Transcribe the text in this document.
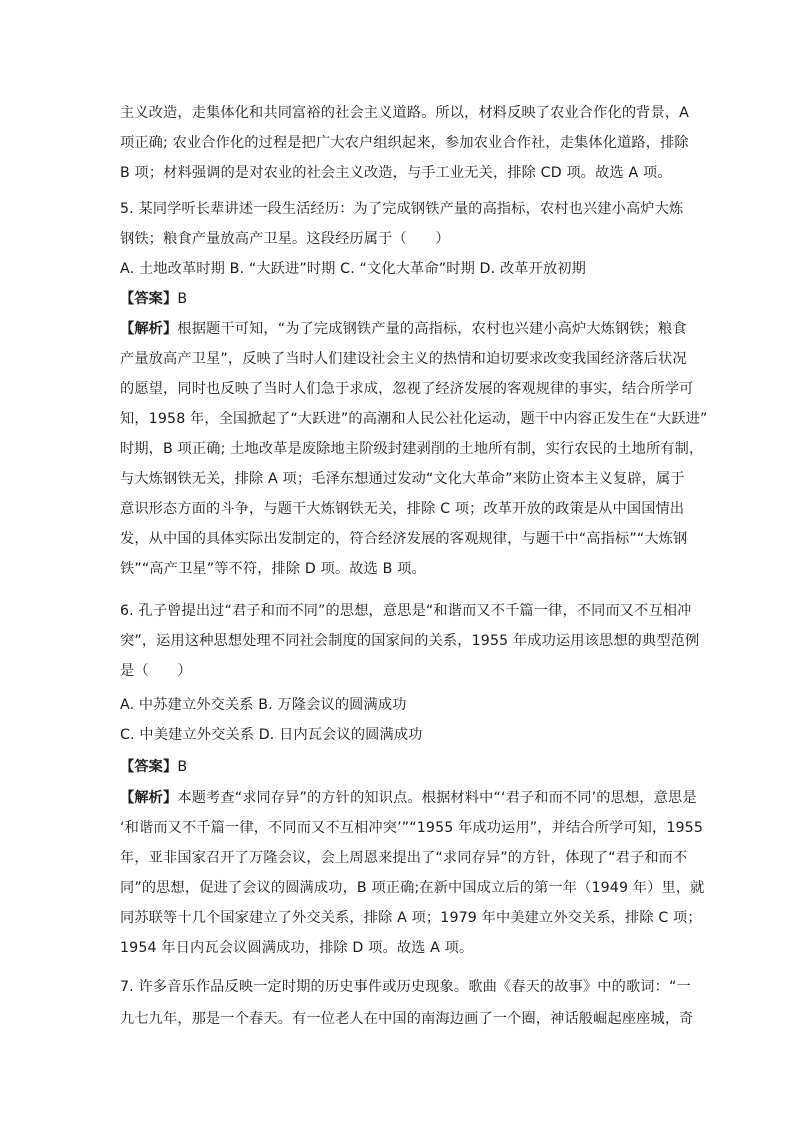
主义改造，走集体化和共同富裕的社会主义道路。所以，材料反映了农业合作化的背景，A
项正确; 农业合作化的过程是把广大农户组织起来，参加农业合作社，走集体化道路，排除
B 项；材料强调的是对农业的社会主义改造，与手工业无关，排除 CD 项。故选 A 项。
5. 某同学听长辈讲述一段生活经历：为了完成钢铁产量的高指标，农村也兴建小高炉大炼
钢铁；粮食产量放高产卫星。这段经历属于（　　）
A. 土地改革时期 B. “大跃进”时期 C. “文化大革命”时期 D. 改革开放初期
【答案】B
【解析】根据题干可知，“为了完成钢铁产量的高指标，农村也兴建小高炉大炼钢铁；粮食
产量放高产卫星”，反映了当时人们建设社会主义的热情和迫切要求改变我国经济落后状况
的愿望，同时也反映了当时人们急于求成，忽视了经济发展的客观规律的事实，结合所学可
知，1958 年，全国掀起了“大跃进”的高潮和人民公社化运动，题干中内容正发生在“大跃进”
时期，B 项正确; 土地改革是废除地主阶级封建剥削的土地所有制，实行农民的土地所有制，
与大炼钢铁无关，排除 A 项；毛泽东想通过发动“文化大革命”来防止资本主义复辟，属于
意识形态方面的斗争，与题干大炼钢铁无关，排除 C 项；改革开放的政策是从中国国情出
发，从中国的具体实际出发制定的，符合经济发展的客观规律，与题干中“高指标”“大炼钢
铁”“高产卫星”等不符，排除 D 项。故选 B 项。
6. 孔子曾提出过“君子和而不同”的思想，意思是“和谐而又不千篇一律，不同而又不互相冲
突”，运用这种思想处理不同社会制度的国家间的关系，1955 年成功运用该思想的典型范例
是（　　）
A. 中苏建立外交关系 B. 万隆会议的圆满成功
C. 中美建立外交关系 D. 日内瓦会议的圆满成功
【答案】B
【解析】本题考查“求同存异”的方针的知识点。根据材料中“‘君子和而不同’的思想，意思是
‘和谐而又不千篇一律，不同而又不互相冲突’”“1955 年成功运用”，并结合所学可知，1955
年，亚非国家召开了万隆会议，会上周恩来提出了“求同存异”的方针，体现了“君子和而不
同”的思想，促进了会议的圆满成功，B 项正确;在新中国成立后的第一年（1949 年）里，就
同苏联等十几个国家建立了外交关系，排除 A 项；1979 年中美建立外交关系，排除 C 项；
1954 年日内瓦会议圆满成功，排除 D 项。故选 A 项。
7. 许多音乐作品反映一定时期的历史事件或历史现象。歌曲《春天的故事》中的歌词：“一
九七九年，那是一个春天。有一位老人在中国的南海边画了一个圈，神话般崛起座座城，奇
